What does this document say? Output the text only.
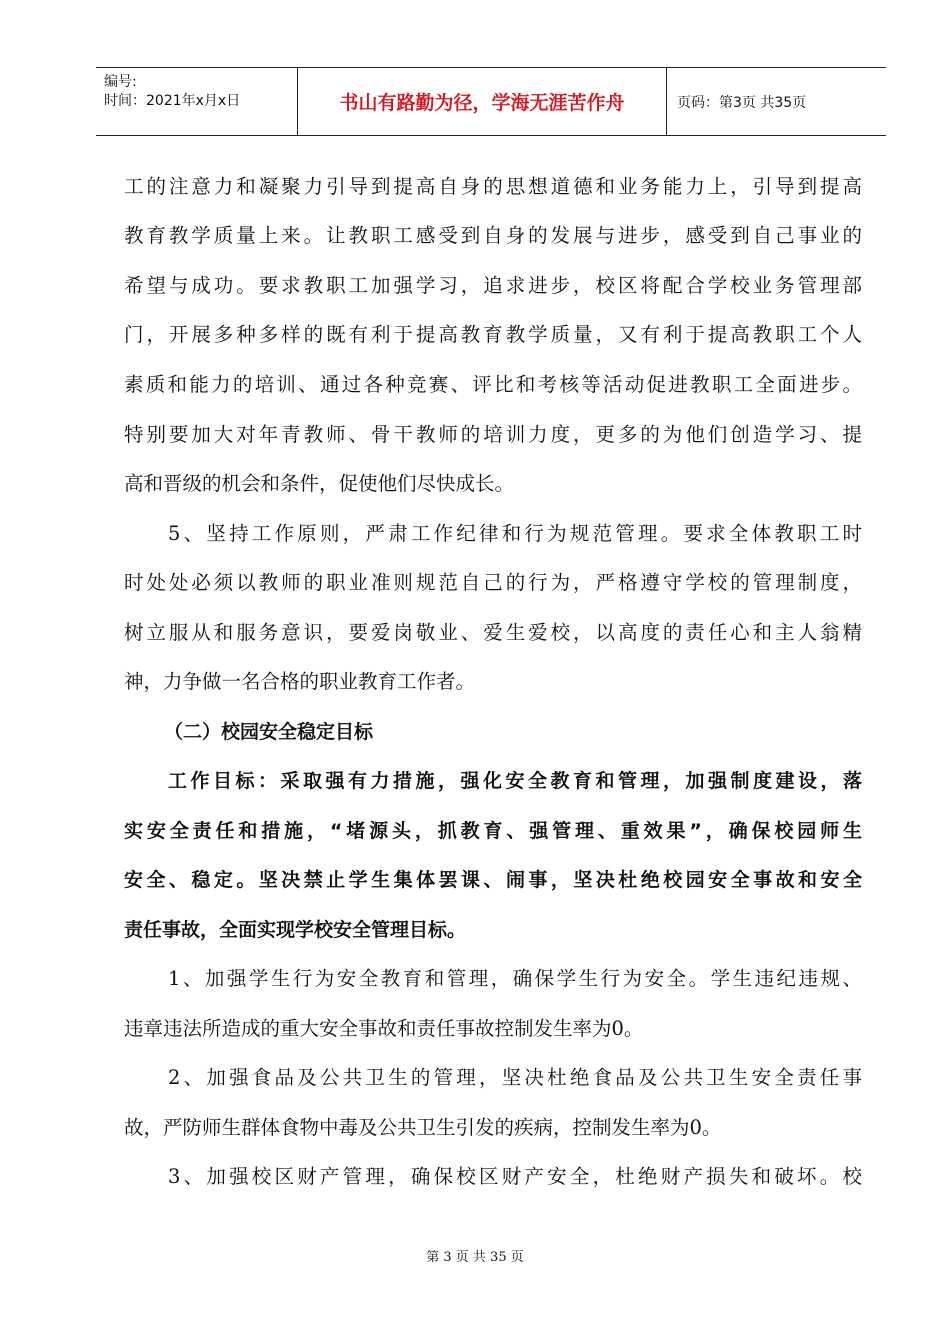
编号:
时间：2021年x月x日	书山有路勤为径，学海无涯苦作舟	页码：第3页 共35页
工的注意力和凝聚力引导到提高自身的思想道德和业务能力上，引导到提高
教育教学质量上来。让教职工感受到自身的发展与进步，感受到自己事业的
希望与成功。要求教职工加强学习，追求进步，校区将配合学校业务管理部
门，开展多种多样的既有利于提高教育教学质量，又有利于提高教职工个人
素质和能力的培训、通过各种竞赛、评比和考核等活动促进教职工全面进步。
特别要加大对年青教师、骨干教师的培训力度，更多的为他们创造学习、提
高和晋级的机会和条件，促使他们尽快成长。
5、坚持工作原则，严肃工作纪律和行为规范管理。要求全体教职工时
时处处必须以教师的职业准则规范自己的行为，严格遵守学校的管理制度，
树立服从和服务意识，要爱岗敬业、爱生爱校，以高度的责任心和主人翁精
神，力争做一名合格的职业教育工作者。
（二）校园安全稳定目标
工作目标：采取强有力措施，强化安全教育和管理，加强制度建设，落
实安全责任和措施，“堵源头，抓教育、强管理、重效果”，确保校园师生
安全、稳定。坚决禁止学生集体罢课、闹事，坚决杜绝校园安全事故和安全
责任事故，全面实现学校安全管理目标。
1、加强学生行为安全教育和管理，确保学生行为安全。学生违纪违规、
违章违法所造成的重大安全事故和责任事故控制发生率为0。
2、加强食品及公共卫生的管理，坚决杜绝食品及公共卫生安全责任事
故，严防师生群体食物中毒及公共卫生引发的疾病，控制发生率为0。
3、加强校区财产管理，确保校区财产安全，杜绝财产损失和破坏。校
第 3 页 共 35 页
